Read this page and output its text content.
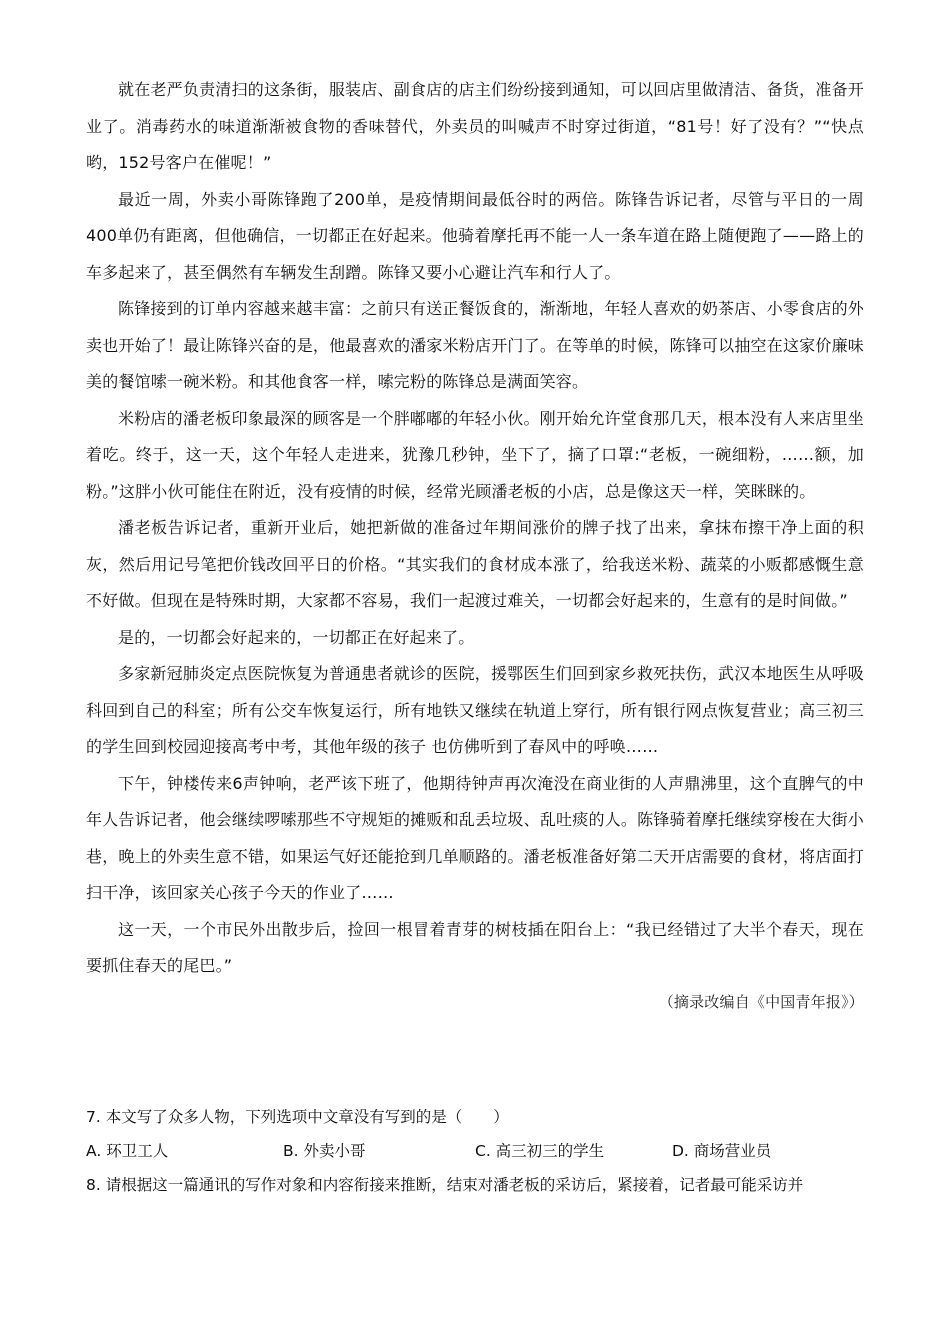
就在老严负责清扫的这条街，服装店、副食店的店主们纷纷接到通知，可以回店里做清洁、备货，准备开业了。消毒药水的味道渐渐被食物的香味替代，外卖员的叫喊声不时穿过街道，“81号！好了没有？”“快点哟，152号客户在催呢！”

最近一周，外卖小哥陈锋跑了200单，是疫情期间最低谷时的两倍。陈锋告诉记者，尽管与平日的一周400单仍有距离，但他确信，一切都正在好起来。他骑着摩托再不能一人一条车道在路上随便跑了——路上的车多起来了，甚至偶然有车辆发生刮蹭。陈锋又要小心避让汽车和行人了。

陈锋接到的订单内容越来越丰富：之前只有送正餐饭食的，渐渐地，年轻人喜欢的奶茶店、小零食店的外卖也开始了！最让陈锋兴奋的是，他最喜欢的潘家米粉店开门了。在等单的时候，陈锋可以抽空在这家价廉味美的餐馆嗦一碗米粉。和其他食客一样，嗦完粉的陈锋总是满面笑容。

米粉店的潘老板印象最深的顾客是一个胖嘟嘟的年轻小伙。刚开始允许堂食那几天，根本没有人来店里坐着吃。终于，这一天，这个年轻人走进来，犹豫几秒钟，坐下了，摘了口罩:“老板，一碗细粉，……额，加粉。”这胖小伙可能住在附近，没有疫情的时候，经常光顾潘老板的小店，总是像这天一样，笑眯眯的。

潘老板告诉记者，重新开业后，她把新做的准备过年期间涨价的牌子找了出来，拿抹布擦干净上面的积灰，然后用记号笔把价钱改回平日的价格。“其实我们的食材成本涨了，给我送米粉、蔬菜的小贩都感慨生意不好做。但现在是特殊时期，大家都不容易，我们一起渡过难关，一切都会好起来的，生意有的是时间做。”

是的，一切都会好起来的，一切都正在好起来了。

多家新冠肺炎定点医院恢复为普通患者就诊的医院，援鄂医生们回到家乡救死扶伤，武汉本地医生从呼吸科回到自己的科室；所有公交车恢复运行，所有地铁又继续在轨道上穿行，所有银行网点恢复营业；高三初三的学生回到校园迎接高考中考，其他年级的孩子 也仿佛听到了春风中的呼唤……

下午，钟楼传来6声钟响，老严该下班了，他期待钟声再次淹没在商业街的人声鼎沸里，这个直脾气的中年人告诉记者，他会继续啰嗦那些不守规矩的摊贩和乱丢垃圾、乱吐痰的人。陈锋骑着摩托继续穿梭在大街小巷，晚上的外卖生意不错，如果运气好还能抢到几单顺路的。潘老板准备好第二天开店需要的食材，将店面打扫干净，该回家关心孩子今天的作业了……

这一天，一个市民外出散步后，捡回一根冒着青芽的树枝插在阳台上：“我已经错过了大半个春天，现在要抓住春天的尾巴。”

（摘录改编自《中国青年报》）

7. 本文写了众多人物，下列选项中文章没有写到的是（　　）

A. 环卫工人	B. 外卖小哥	C. 高三初三的学生	D. 商场营业员

8. 请根据这一篇通讯的写作对象和内容衔接来推断，结束对潘老板的采访后，紧接着，记者最可能采访并
